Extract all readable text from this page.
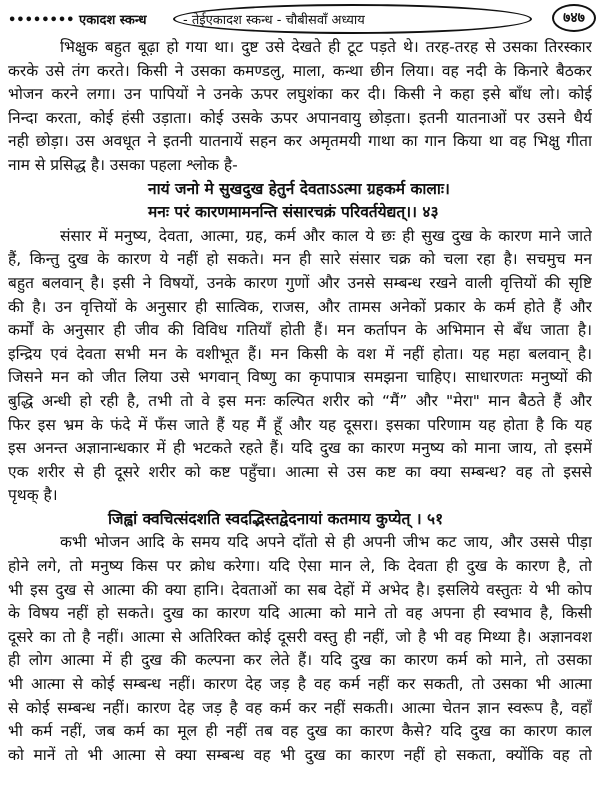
•••••••• एकादश स्कन्ध	- तेईएकादश स्कन्ध - चौबीसवाँ अध्याय	७४७
भिक्षुक बहुत बूढ़ा हो गया था। दुष्ट उसे देखते ही टूट पड़ते थे। तरह-तरह से उसका तिरस्कार
करके उसे तंग करते। किसी ने उसका कमण्डलु, माला, कन्था छीन लिया। वह नदी के किनारे बैठकर
भोजन करने लगा। उन पापियों ने उनके ऊपर लघुशंका कर दी। किसी ने कहा इसे बाँध लो। कोई
निन्दा करता, कोई हंसी उड़ाता। कोई उसके ऊपर अपानवायु छोड़ता। इतनी यातनाओं पर उसने धैर्य
नही छोड़ा। उस अवधूत ने इतनी यातनायें सहन कर अमृतमयी गाथा का गान किया था वह भिक्षु गीता
नाम से प्रसिद्ध है। उसका पहला श्लोक है-
नायं जनो मे सुखदुख हेतुर्न देवताऽऽत्मा ग्रहकर्म कालाः।
मनः परं कारणमामनन्ति संसारचक्रं परिवर्तयेद्यत्।। ४३
संसार में मनुष्य, देवता, आत्मा, ग्रह, कर्म और काल ये छः ही सुख दुख के कारण माने जाते
हैं, किन्तु दुख के कारण ये नहीं हो सकते। मन ही सारे संसार चक्र को चला रहा है। सचमुच मन
बहुत बलवान् है। इसी ने विषयों, उनके कारण गुणों और उनसे सम्बन्ध रखने वाली वृत्तियों की सृष्टि
की है। उन वृत्तियों के अनुसार ही सात्विक, राजस, और तामस अनेकों प्रकार के कर्म होते हैं और
कर्मों के अनुसार ही जीव की विविध गतियाँ होती हैं। मन कर्तापन के अभिमान से बँध जाता है।
इन्द्रिय एवं देवता सभी मन के वशीभूत हैं। मन किसी के वश में नहीं होता। यह महा बलवान् है।
जिसने मन को जीत लिया उसे भगवान् विष्णु का कृपापात्र समझना चाहिए। साधारणतः मनुष्यों की
बुद्धि अन्धी हो रही है, तभी तो वे इस मनः कल्पित शरीर को “मैं” और "मेरा" मान बैठते हैं और
फिर इस भ्रम के फंदे में फँस जाते हैं यह मैं हूँ और यह दूसरा। इसका परिणाम यह होता है कि यह
इस अनन्त अज्ञानान्धकार में ही भटकते रहते हैं। यदि दुख का कारण मनुष्य को माना जाय, तो इसमें
एक शरीर से ही दूसरे शरीर को कष्ट पहुँचा। आत्मा से उस कष्ट का क्या सम्बन्ध? वह तो इससे
पृथक् है।
जिह्वां क्वचित्संदशति स्वदद्भिस्तद्वेदनायां कतमाय कुप्येत् । ५१
कभी भोजन आदि के समय यदि अपने दाँतो से ही अपनी जीभ कट जाय, और उससे पीड़ा
होने लगे, तो मनुष्य किस पर क्रोध करेगा। यदि ऐसा मान ले, कि देवता ही दुख के कारण है, तो
भी इस दुख से आत्मा की क्या हानि। देवताओं का सब देहों में अभेद है। इसलिये वस्तुतः ये भी कोप
के विषय नहीं हो सकते। दुख का कारण यदि आत्मा को माने तो वह अपना ही स्वभाव है, किसी
दूसरे का तो है नहीं। आत्मा से अतिरिक्त कोई दूसरी वस्तु ही नहीं, जो है भी वह मिथ्या है। अज्ञानवश
ही लोग आत्मा में ही दुख की कल्पना कर लेते हैं। यदि दुख का कारण कर्म को माने, तो उसका
भी आत्मा से कोई सम्बन्ध नहीं। कारण देह जड़ है वह कर्म नहीं कर सकती, तो उसका भी आत्मा
से कोई सम्बन्ध नहीं। कारण देह जड़ है वह कर्म कर नहीं सकती। आत्मा चेतन ज्ञान स्वरूप है, वहाँ
भी कर्म नहीं, जब कर्म का मूल ही नहीं तब वह दुख का कारण कैसे? यदि दुख का कारण काल
को मानें तो भी आत्मा से क्या सम्बन्ध वह भी दुख का कारण नहीं हो सकता, क्योंकि वह तो
